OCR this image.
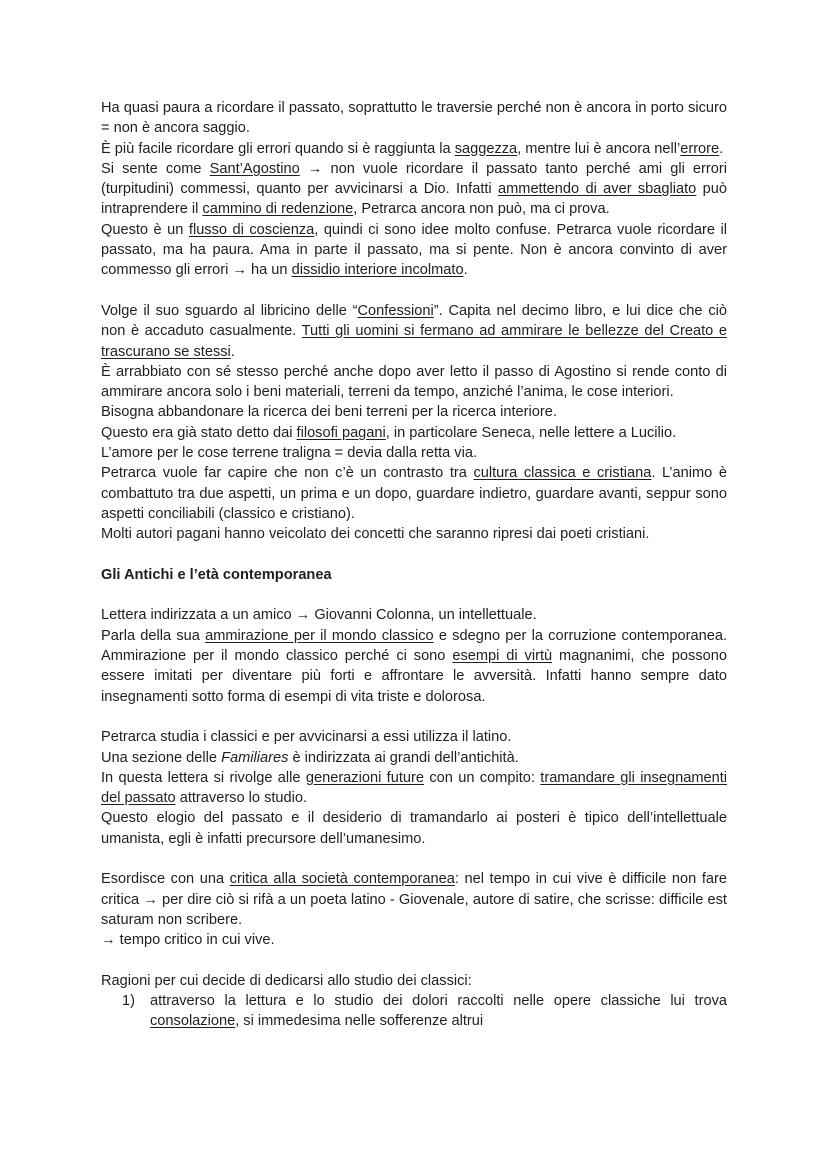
Ha quasi paura a ricordare il passato, soprattutto le traversie perché non è ancora in porto sicuro = non è ancora saggio.

È più facile ricordare gli errori quando si è raggiunta la saggezza, mentre lui è ancora nell’errore.

Si sente come Sant’Agostino → non vuole ricordare il passato tanto perché ami gli errori (turpitudini) commessi, quanto per avvicinarsi a Dio. Infatti ammettendo di aver sbagliato può intraprendere il cammino di redenzione, Petrarca ancora non può, ma ci prova.

Questo è un flusso di coscienza, quindi ci sono idee molto confuse. Petrarca vuole ricordare il passato, ma ha paura. Ama in parte il passato, ma si pente. Non è ancora convinto di aver commesso gli errori → ha un dissidio interiore incolmato.

Volge il suo sguardo al libricino delle “Confessioni”. Capita nel decimo libro, e lui dice che ciò non è accaduto casualmente. Tutti gli uomini si fermano ad ammirare le bellezze del Creato e trascurano se stessi.

È arrabbiato con sé stesso perché anche dopo aver letto il passo di Agostino si rende conto di ammirare ancora solo i beni materiali, terreni da tempo, anziché l’anima, le cose interiori.

Bisogna abbandonare la ricerca dei beni terreni per la ricerca interiore.

Questo era già stato detto dai filosofi pagani, in particolare Seneca, nelle lettere a Lucilio.

L’amore per le cose terrene traligna = devia dalla retta via.

Petrarca vuole far capire che non c’è un contrasto tra cultura classica e cristiana. L’animo è combattuto tra due aspetti, un prima e un dopo, guardare indietro, guardare avanti, seppur sono aspetti conciliabili (classico e cristiano).

Molti autori pagani hanno veicolato dei concetti che saranno ripresi dai poeti cristiani.

Gli Antichi e l’età contemporanea

Lettera indirizzata a un amico → Giovanni Colonna, un intellettuale.

Parla della sua ammirazione per il mondo classico e sdegno per la corruzione contemporanea. Ammirazione per il mondo classico perché ci sono esempi di virtù magnanimi, che possono essere imitati per diventare più forti e affrontare le avversità. Infatti hanno sempre dato insegnamenti sotto forma di esempi di vita triste e dolorosa.

Petrarca studia i classici e per avvicinarsi a essi utilizza il latino.

Una sezione delle Familiares è indirizzata ai grandi dell’antichità.

In questa lettera si rivolge alle generazioni future con un compito: tramandare gli insegnamenti del passato attraverso lo studio.

Questo elogio del passato e il desiderio di tramandarlo ai posteri è tipico dell’intellettuale umanista, egli è infatti precursore dell’umanesimo.

Esordisce con una critica alla società contemporanea: nel tempo in cui vive è difficile non fare critica → per dire ciò si rifà a un poeta latino - Giovenale, autore di satire, che scrisse: difficile est saturam non scribere.

→ tempo critico in cui vive.

Ragioni per cui decide di dedicarsi allo studio dei classici:

1) attraverso la lettura e lo studio dei dolori raccolti nelle opere classiche lui trova consolazione, si immedesima nelle sofferenze altrui
